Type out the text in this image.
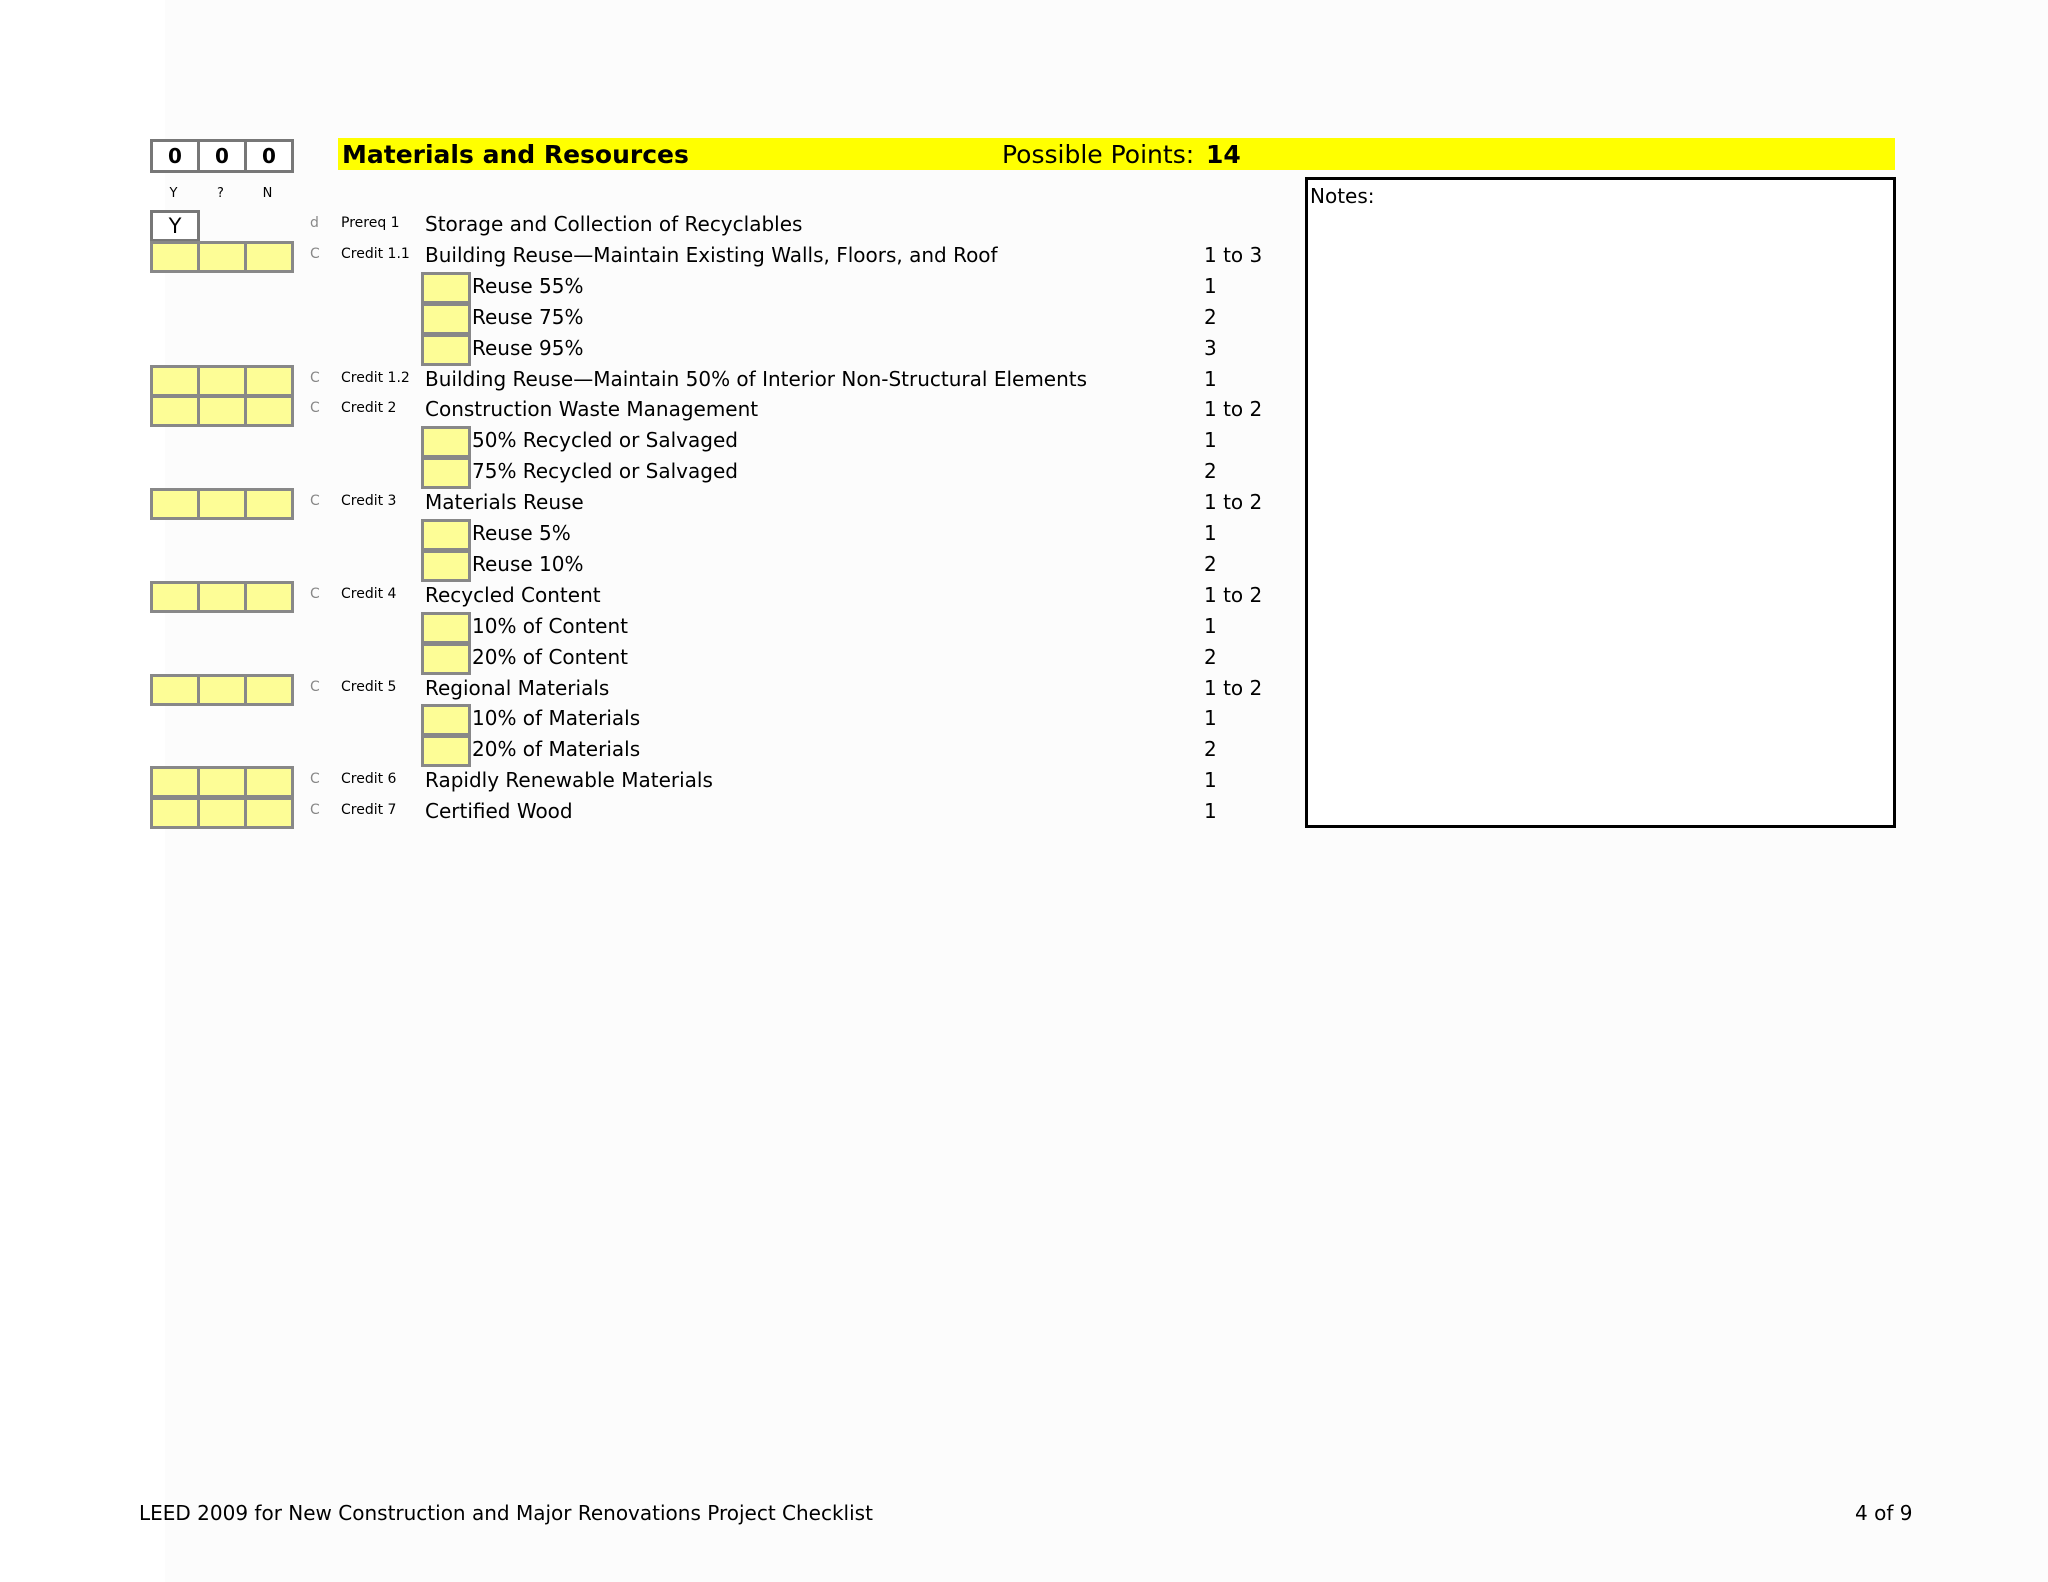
0	0	0
Y	?	N
Materials and Resources	Possible Points: 14
Notes:
Y	d Prereq 1 Storage and Collection of Recyclables
C Credit 1.1 Building Reuse—Maintain Existing Walls, Floors, and Roof	1 to 3
Reuse 55%	1
Reuse 75%	2
Reuse 95%	3
C Credit 1.2 Building Reuse—Maintain 50% of Interior Non-Structural Elements	1
C Credit 2 Construction Waste Management	1 to 2
50% Recycled or Salvaged	1
75% Recycled or Salvaged	2
C Credit 3 Materials Reuse	1 to 2
Reuse 5%	1
Reuse 10%	2
C Credit 4 Recycled Content	1 to 2
10% of Content	1
20% of Content	2
C Credit 5 Regional Materials	1 to 2
10% of Materials	1
20% of Materials	2
C Credit 6 Rapidly Renewable Materials	1
C Credit 7 Certified Wood	1
LEED 2009 for New Construction and Major Renovations Project Checklist	4 of 9
